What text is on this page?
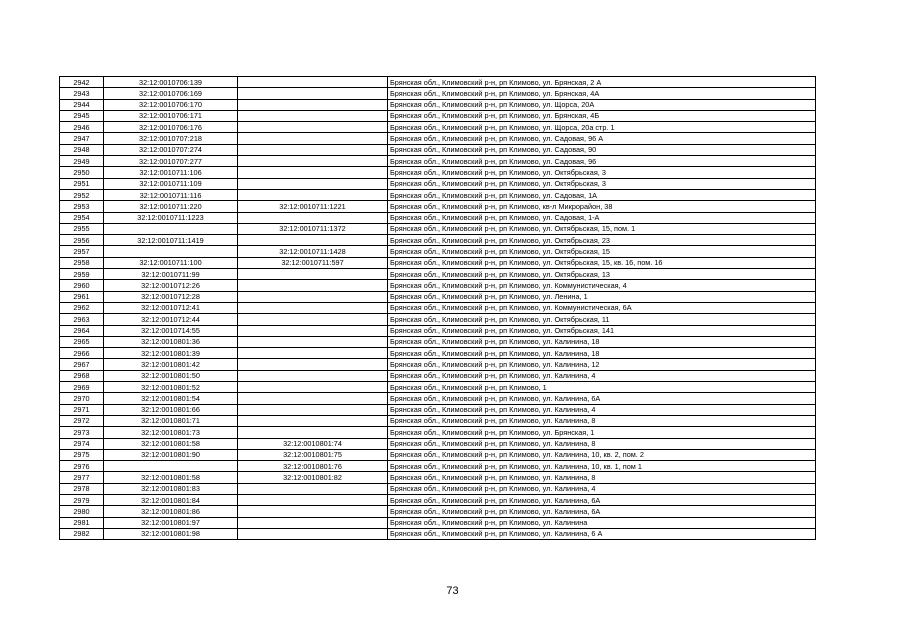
2942	32:12:0010706:139		Брянская обл., Климовский р-н, рп Климово, ул. Брянская, 2 А
2943	32:12:0010706:169		Брянская обл., Климовский р-н, рп Климово, ул. Брянская, 4А
2944	32:12:0010706:170		Брянская обл., Климовский р-н, рп Климово, ул. Щорса, 20А
2945	32:12:0010706:171		Брянская обл., Климовский р-н, рп Климово, ул. Брянская, 4Б
2946	32:12:0010706:176		Брянская обл., Климовский р-н, рп Климово, ул. Щорса, 20а стр. 1
2947	32:12:0010707:218		Брянская обл., Климовский р-н, рп Климово, ул. Садовая, 96 А
2948	32:12:0010707:274		Брянская обл., Климовский р-н, рп Климово, ул. Садовая, 90
2949	32:12:0010707:277		Брянская обл., Климовский р-н, рп Климово, ул. Садовая, 96
2950	32:12:0010711:106		Брянская обл., Климовский р-н, рп Климово, ул. Октябрьская, 3
2951	32:12:0010711:109		Брянская обл., Климовский р-н, рп Климово, ул. Октябрьская, 3
2952	32:12:0010711:116		Брянская обл., Климовский р-н, рп Климово, ул. Садовая, 1А
2953	32:12:0010711:220	32:12:0010711:1221	Брянская обл., Климовский р-н, рп Климово, кв-л Микрорайон, 38
2954	32:12:0010711:1223		Брянская обл., Климовский р-н, рп Климово, ул. Садовая, 1-А
2955		32:12:0010711:1372	Брянская обл., Климовский р-н, рп Климово, ул. Октябрьская, 15, пом. 1
2956	32:12:0010711:1419		Брянская обл., Климовский р-н, рп Климово, ул. Октябрьская, 23
2957		32:12:0010711:1428	Брянская обл., Климовский р-н, рп Климово, ул. Октябрьская, 15
2958	32:12:0010711:100	32:12:0010711:597	Брянская обл., Климовский р-н, рп Климово, ул. Октябрьская, 15, кв. 16, пом. 16
2959	32:12:0010711:99		Брянская обл., Климовский р-н, рп Климово, ул. Октябрьская, 13
2960	32:12:0010712:26		Брянская обл., Климовский р-н, рп Климово, ул. Коммунистическая, 4
2961	32:12:0010712:28		Брянская обл., Климовский р-н, рп Климово, ул. Ленина, 1
2962	32:12:0010712:41		Брянская обл., Климовский р-н, рп Климово, ул. Коммунистическая, 6А
2963	32:12:0010712:44		Брянская обл., Климовский р-н, рп Климово, ул. Октябрьская, 11
2964	32:12:0010714:55		Брянская обл., Климовский р-н, рп Климово, ул. Октябрьская, 141
2965	32:12:0010801:36		Брянская обл., Климовский р-н, рп Климово, ул. Калинина, 18
2966	32:12:0010801:39		Брянская обл., Климовский р-н, рп Климово, ул. Калинина, 18
2967	32:12:0010801:42		Брянская обл., Климовский р-н, рп Климово, ул. Калинина, 12
2968	32:12:0010801:50		Брянская обл., Климовский р-н, рп Климово, ул. Калинина, 4
2969	32:12:0010801:52		Брянская обл., Климовский р-н, рп Климово, 1
2970	32:12:0010801:54		Брянская обл., Климовский р-н, рп Климово, ул. Калинина, 6А
2971	32:12:0010801:66		Брянская обл., Климовский р-н, рп Климово, ул. Калинина, 4
2972	32:12:0010801:71		Брянская обл., Климовский р-н, рп Климово, ул. Калинина, 8
2973	32:12:0010801:73		Брянская обл., Климовский р-н, рп Климово, ул. Брянская, 1
2974	32:12:0010801:58	32:12:0010801:74	Брянская обл., Климовский р-н, рп Климово, ул. Калинина, 8
2975	32:12:0010801:90	32:12:0010801:75	Брянская обл., Климовский р-н, рп Климово, ул. Калинина, 10, кв. 2, пом. 2
2976		32:12:0010801:76	Брянская обл., Климовский р-н, рп Климово, ул. Калинина, 10, кв. 1, пом 1
2977	32:12:0010801:58	32:12:0010801:82	Брянская обл., Климовский р-н, рп Климово, ул. Калинина, 8
2978	32:12:0010801:83		Брянская обл., Климовский р-н, рп Климово, ул. Калинина, 4
2979	32:12:0010801:84		Брянская обл., Климовский р-н, рп Климово, ул. Калинина, 6А
2980	32:12:0010801:86		Брянская обл., Климовский р-н, рп Климово, ул. Калинина, 6А
2981	32:12:0010801:97		Брянская обл., Климовский р-н, рп Климово, ул. Калинина
2982	32:12:0010801:98		Брянская обл., Климовский р-н, рп Климово, ул. Калинина, 6 А
73
